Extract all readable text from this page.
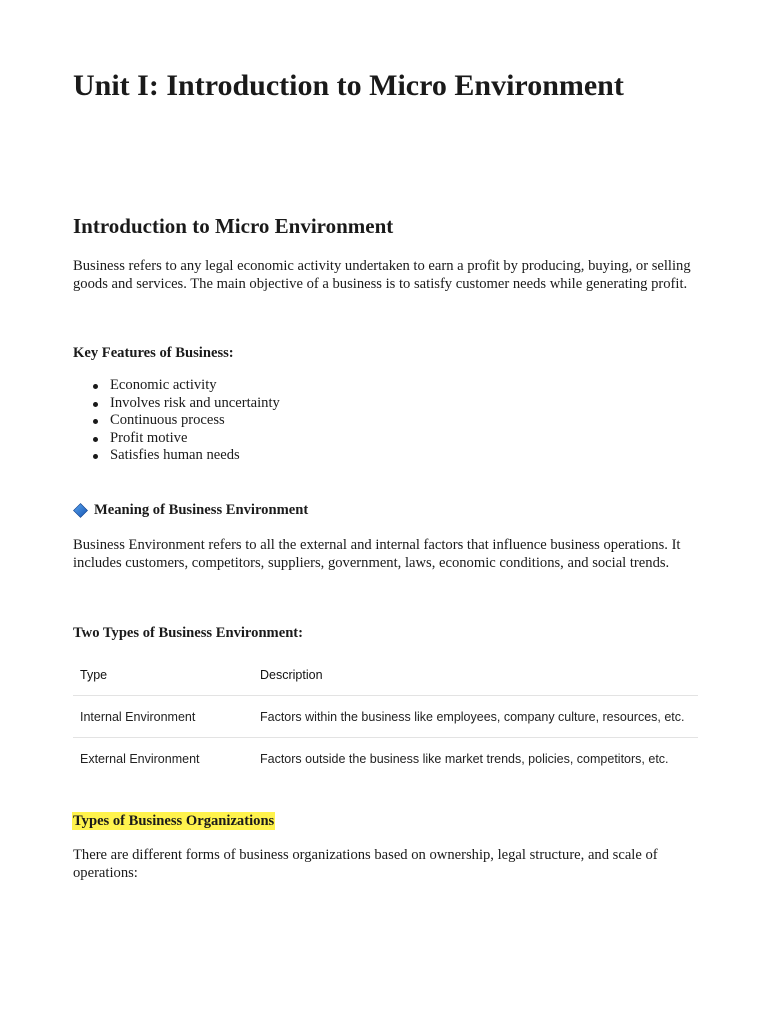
Unit I: Introduction to Micro Environment
Introduction to Micro Environment

Business refers to any legal economic activity undertaken to earn a profit by producing, buying, or selling goods and services. The main objective of a business is to satisfy customer needs while generating profit.

Key Features of Business:
Economic activity
Involves risk and uncertainty
Continuous process
Profit motive
Satisfies human needs
Meaning of Business Environment

Business Environment refers to all the external and internal factors that influence business operations. It includes customers, competitors, suppliers, government, laws, economic conditions, and social trends.

Two Types of Business Environment:
Type	Description
Internal Environment	Factors within the business like employees, company culture, resources, etc.
External Environment	Factors outside the business like market trends, policies, competitors, etc.
Types of Business Organizations

There are different forms of business organizations based on ownership, legal structure, and scale of operations:
